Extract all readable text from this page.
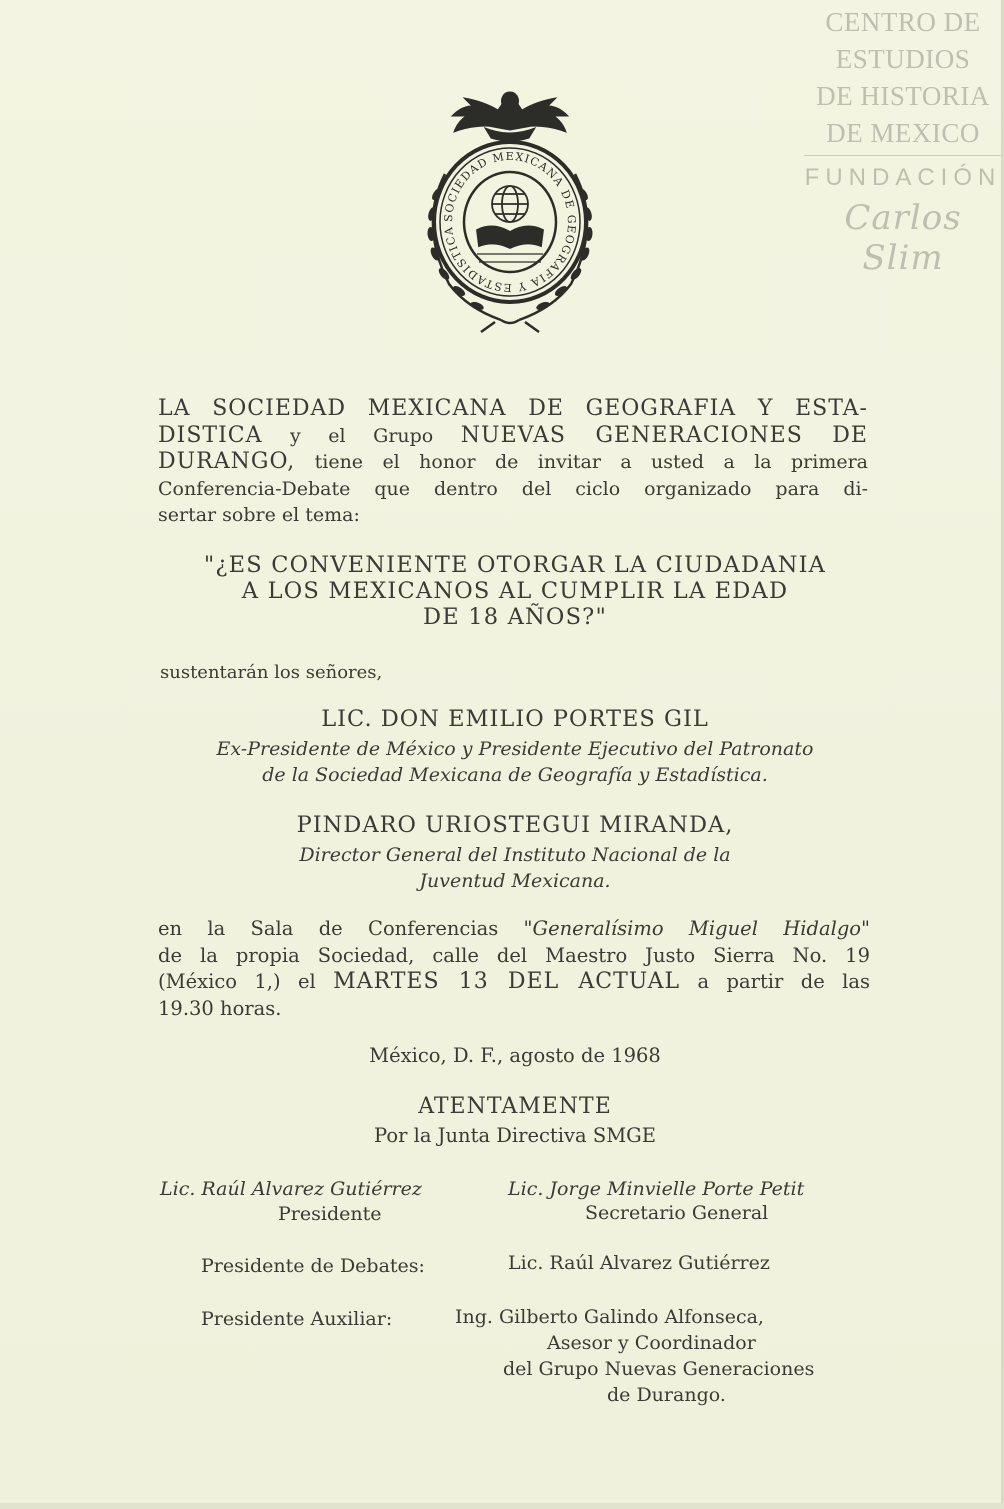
CENTRO DE
ESTUDIOS
DE HISTORIA
DE MEXICO
FUNDACIÓN
Carlos Slim
SOCIEDAD MEXICANA DE GEOGRAFIA Y ESTADISTICA
LA SOCIEDAD MEXICANA DE GEOGRAFIA Y ESTA-
DISTICA y el Grupo NUEVAS GENERACIONES DE
DURANGO, tiene el honor de invitar a usted a la primera
Conferencia-Debate que dentro del ciclo organizado para di-
sertar sobre el tema:
"¿ES CONVENIENTE OTORGAR LA CIUDADANIA
A LOS MEXICANOS AL CUMPLIR LA EDAD
DE 18 AÑOS?"
sustentarán los señores,
LIC. DON EMILIO PORTES GIL
Ex-Presidente de México y Presidente Ejecutivo del Patronato
de la Sociedad Mexicana de Geografía y Estadística.
PINDARO URIOSTEGUI MIRANDA,
Director General del Instituto Nacional de la
Juventud Mexicana.
en la Sala de Conferencias "Generalísimo Miguel Hidalgo"
de la propia Sociedad, calle del Maestro Justo Sierra No. 19
(México 1,) el MARTES 13 DEL ACTUAL a partir de las
19.30 horas.
México, D. F., agosto de 1968
ATENTAMENTE
Por la Junta Directiva SMGE
Lic. Raúl Alvarez Gutiérrez
Presidente
Lic. Jorge Minvielle Porte Petit
Secretario General
Presidente de Debates:	Lic. Raúl Alvarez Gutiérrez
Presidente Auxiliar:	Ing. Gilberto Galindo Alfonseca,
Asesor y Coordinador
del Grupo Nuevas Generaciones
de Durango.
